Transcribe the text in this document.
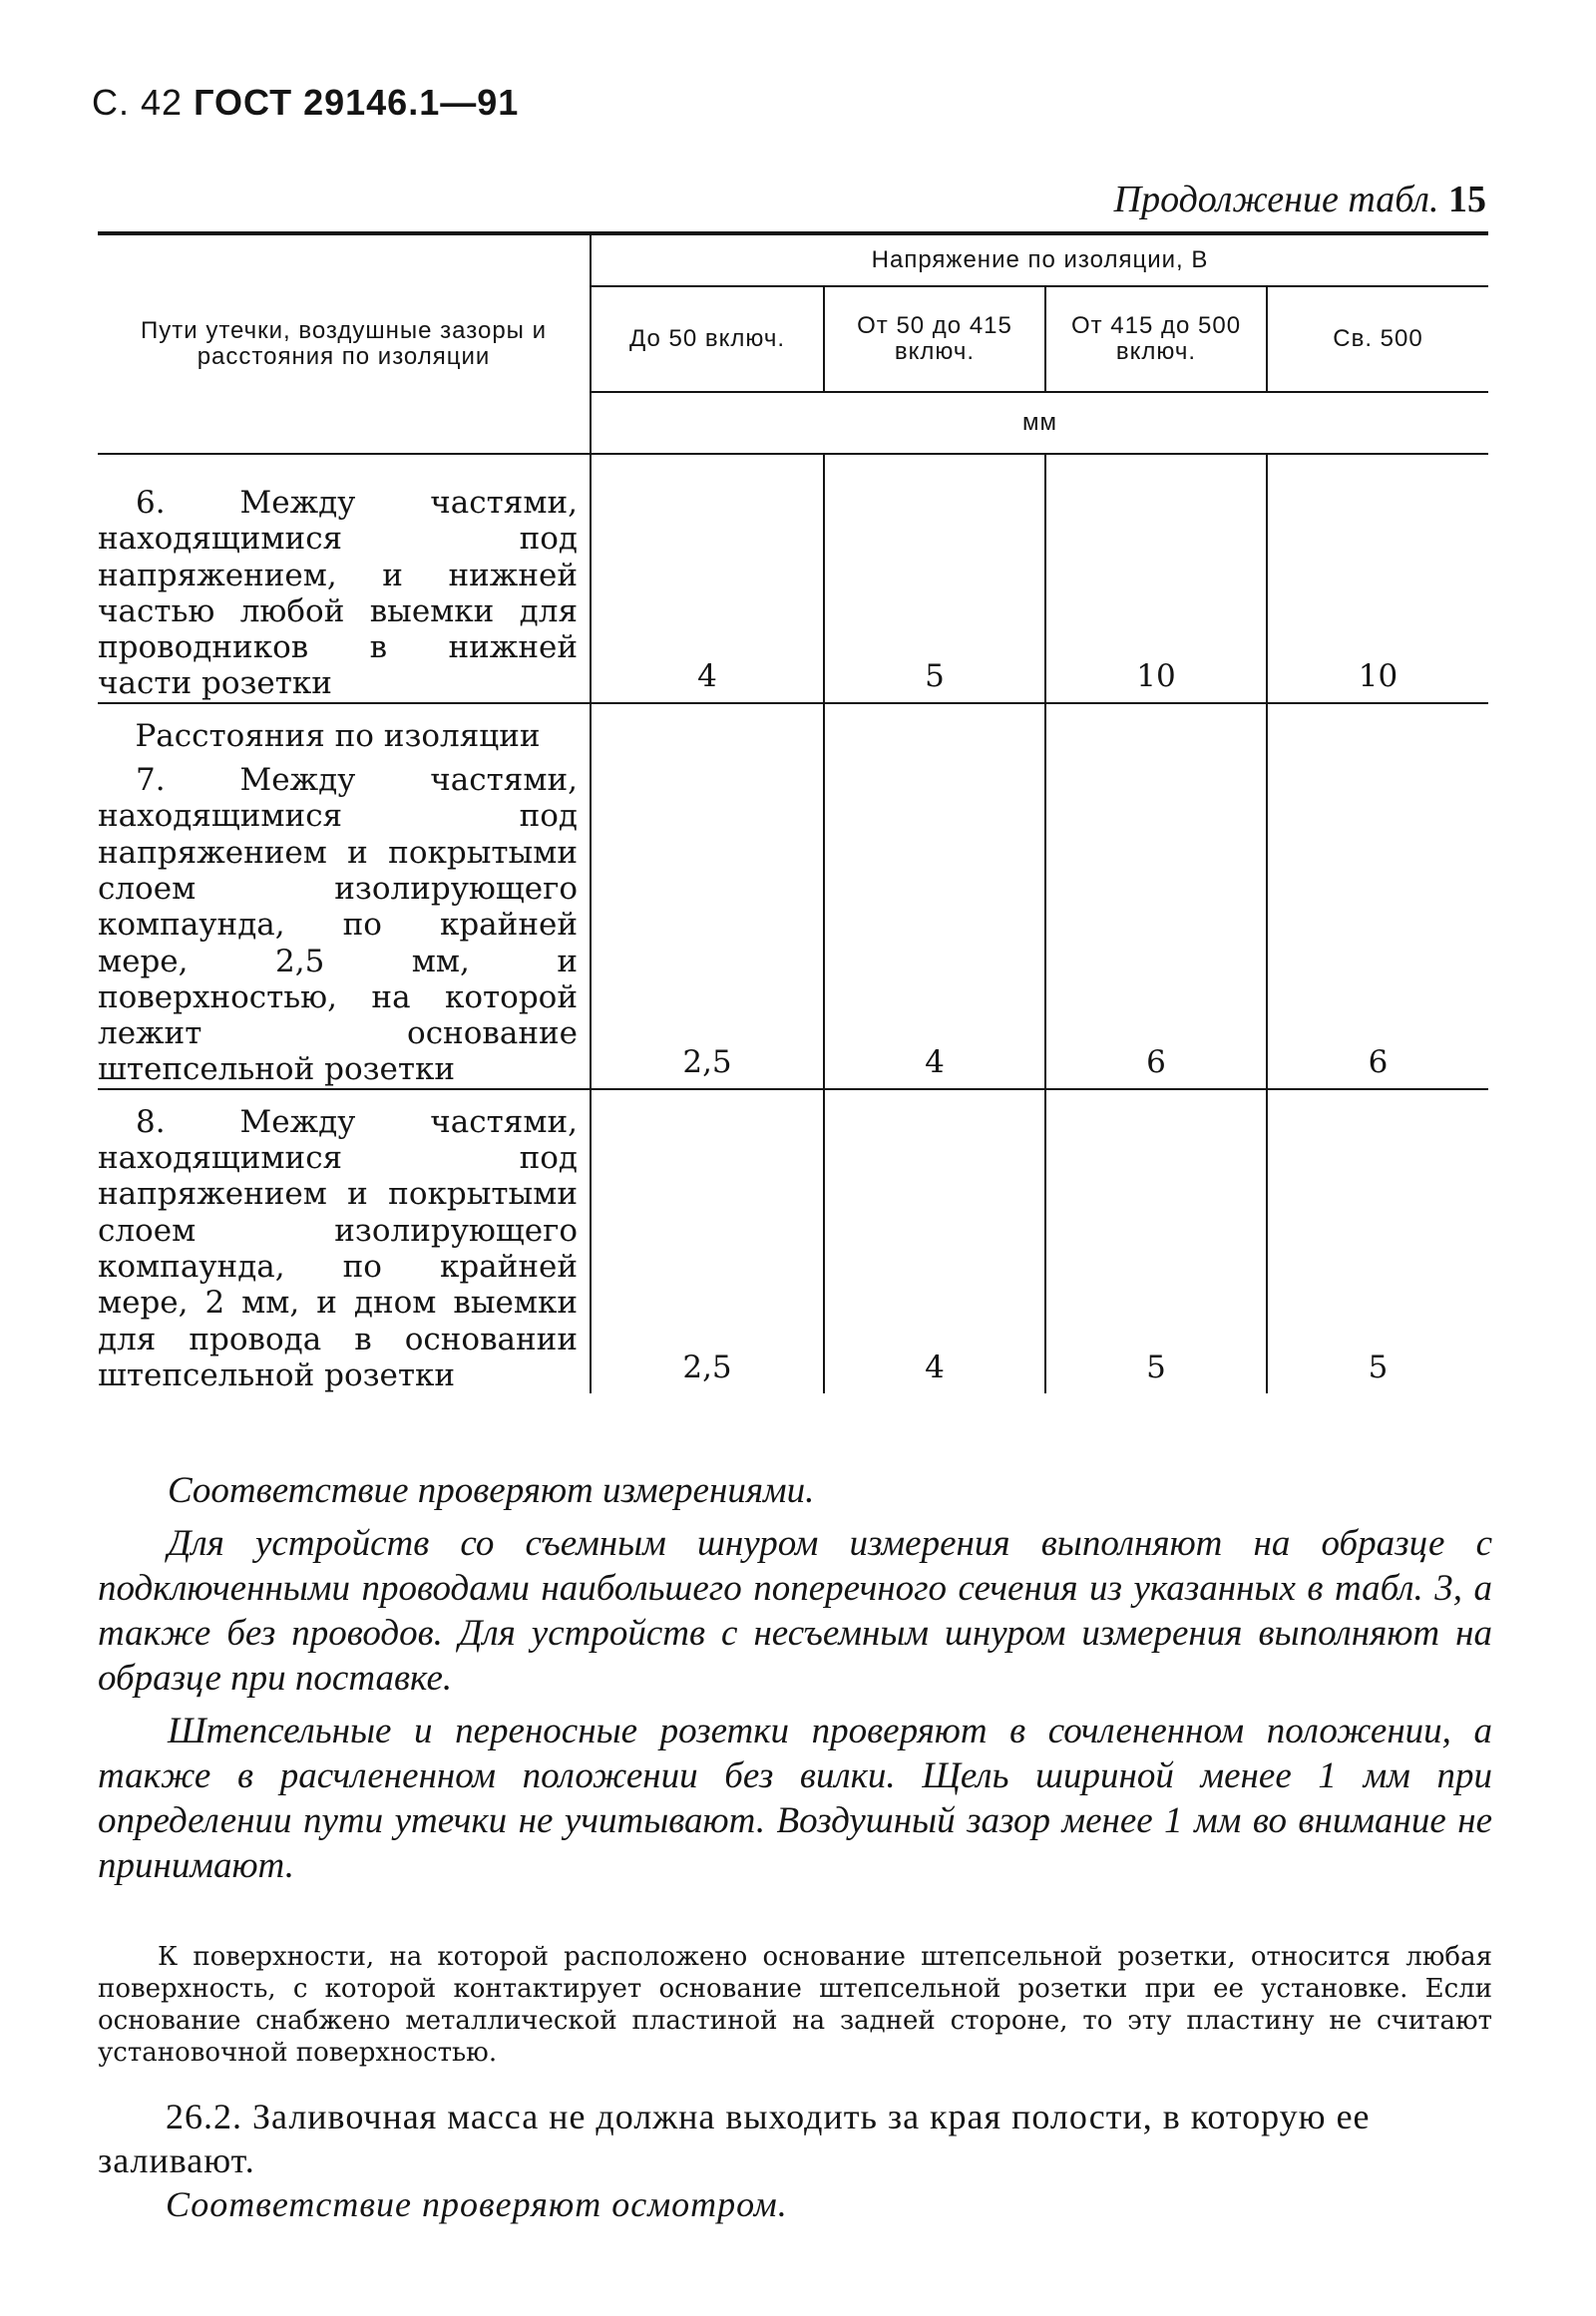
С. 42 ГОСТ 29146.1—91
Продолжение табл. 15
Пути утечки, воздушные зазоры и расстояния по изоляции	Напряжение по изоляции, В			
	До 50 включ.	От 50 до 415 включ.	От 415 до 500 включ.	Св. 500
	мм			

6. Между частями, находящимися под напряжением, и нижней частью любой выемки для проводников в нижней части розетки	4	5	10	10

Расстояния по изоляции
7. Между частями, находящимися под напряжением и покрытыми слоем изолирующего компаунда, по крайней мере, 2,5 мм, и поверхностью, на которой лежит основание штепсельной розетки	2,5	4	6	6

8. Между частями, находящимися под напряжением и покрытыми слоем изолирующего компаунда, по крайней мере, 2 мм, и дном выемки для провода в основании штепсельной розетки	2,5	4	5	5

Соответствие проверяют измерениями.

Для устройств со съемным шнуром измерения выполняют на образце с подключенными проводами наибольшего поперечного сечения из указанных в табл. 3, а также без проводов. Для устройств с несъемным шнуром измерения выполняют на образце при поставке.

Штепсельные и переносные розетки проверяют в сочлененном положении, а также в расчлененном положении без вилки. Щель шириной менее 1 мм при определении пути утечки не учитывают. Воздушный зазор менее 1 мм во внимание не принимают.

К поверхности, на которой расположено основание штепсельной розетки, относится любая поверхность, с которой контактирует основание штепсельной розетки при ее установке. Если основание снабжено металлической пластиной на задней стороне, то эту пластину не считают установочной поверхностью.

26.2. Заливочная масса не должна выходить за края полости, в которую ее заливают.

Соответствие проверяют осмотром.
